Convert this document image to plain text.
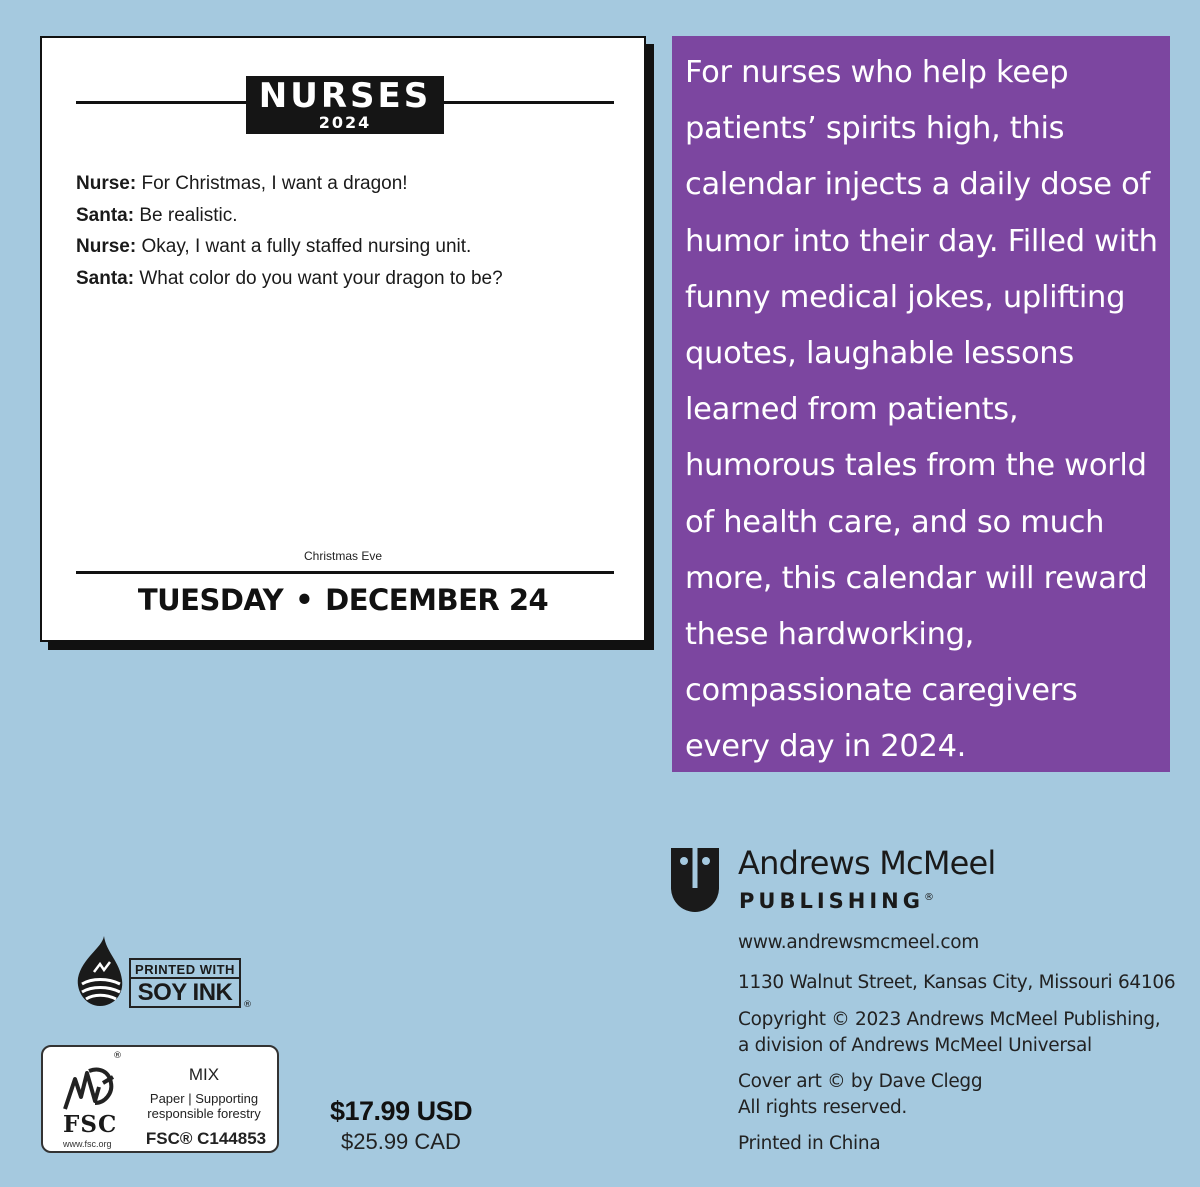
NURSES
2024
Nurse: For Christmas, I want a dragon!
Santa: Be realistic.
Nurse: Okay, I want a fully staffed nursing unit.
Santa: What color do you want your dragon to be?
Christmas Eve
TUESDAY • DECEMBER 24

For nurses who help keep patients’ spirits high, this calendar injects a daily dose of humor into their day. Filled with funny medical jokes, uplifting quotes, laughable lessons learned from patients, humorous tales from the world of health care, and so much more, this calendar will reward these hardworking, compassionate caregivers every day in 2024.

Andrews McMeel
PUBLISHING®
www.andrewsmcmeel.com
1130 Walnut Street, Kansas City, Missouri 64106
Copyright © 2023 Andrews McMeel Publishing,
a division of Andrews McMeel Universal
Cover art © by Dave Clegg
All rights reserved.
Printed in China
PRINTED WITH
SOY INK	®
®
FSC
www.fsc.org
MIX
Paper | Supporting
responsible forestry
FSC® C144853
$17.99 USD
$25.99 CAD
